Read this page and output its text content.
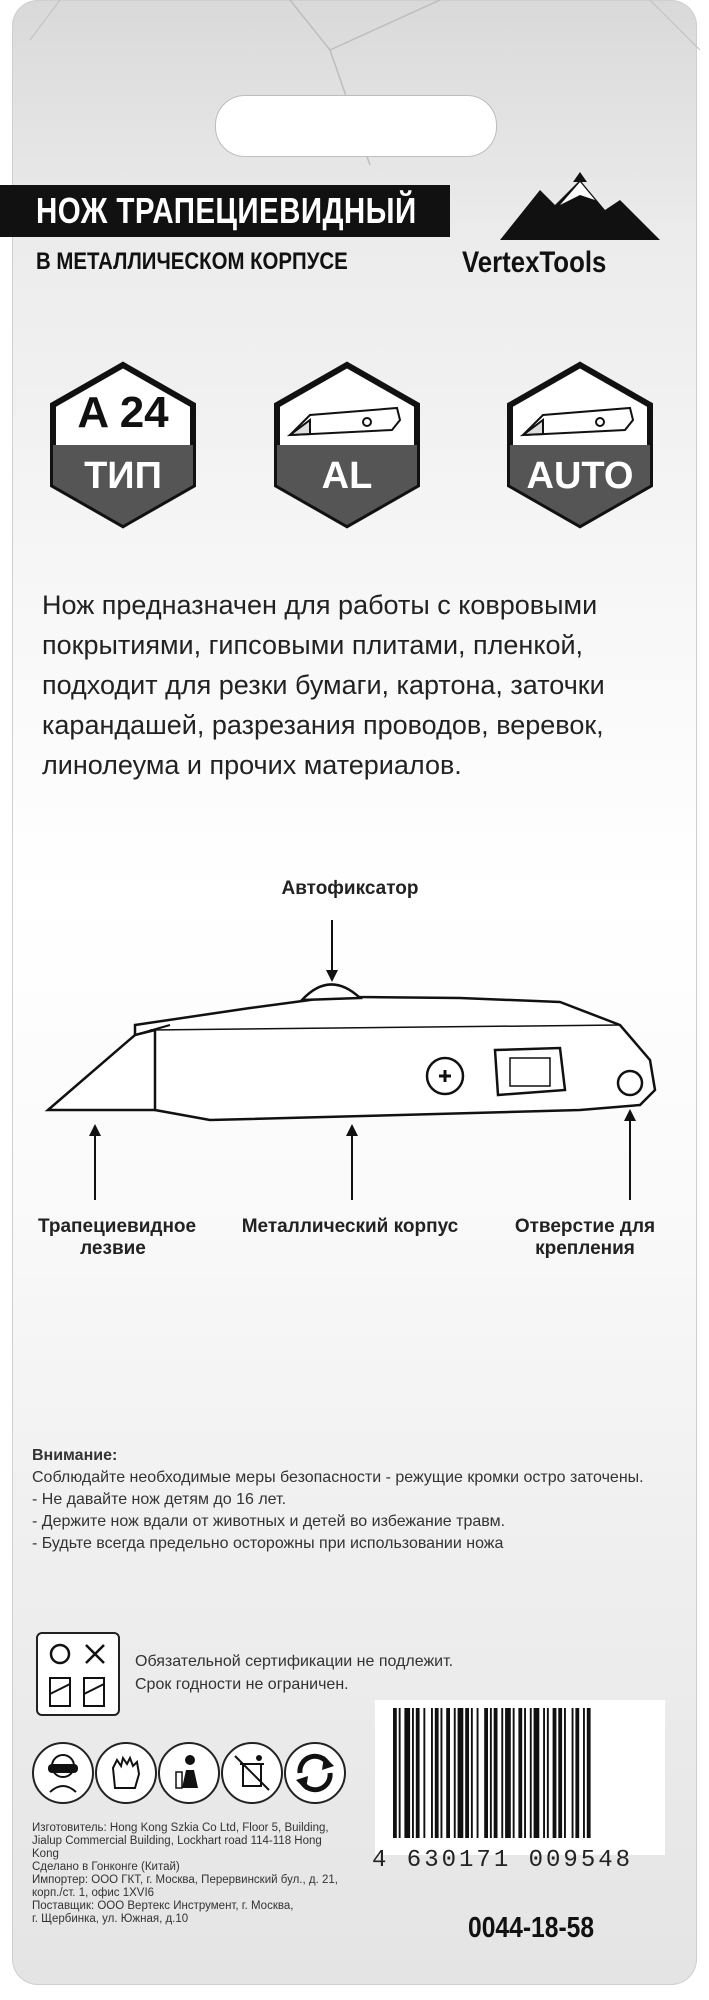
НОЖ ТРАПЕЦИЕВИДНЫЙ
В МЕТАЛЛИЧЕСКОМ КОРПУСЕ	VertexTools
A 24
ТИП	AL	AUTO
Нож предназначен для работы с ковровыми покрытиями, гипсовыми плитами, пленкой, подходит для резки бумаги, картона, заточки карандашей, разрезания проводов, веревок, линолеума и прочих материалов.
Автофиксатор
Трапециевидное
лезвие
Металлический корпус	Отверстие для
крепления
Внимание:
Соблюдайте необходимые меры безопасности - режущие кромки остро заточены.
- Не давайте нож детям до 16 лет.
- Держите нож вдали от животных и детей во избежание травм.
- Будьте всегда предельно осторожны при использовании ножа
Обязательной сертификации не подлежит.
Срок годности не ограничен.
Изготовитель: Hong Kong Szkia Co Ltd, Floor 5, Building,
Jialup Commercial Building, Lockhart road 114-118 Hong
Kong
Сделано в Гонконге (Китай)
Импортер: ООО ГКТ, г. Москва, Перервинский бул., д. 21,
корп./ст. 1, офис 1XVI6
Поставщик: ООО Вертекс Инструмент, г. Москва,
г. Щербинка, ул. Южная, д.10
4 630171 009548
0044-18-58
